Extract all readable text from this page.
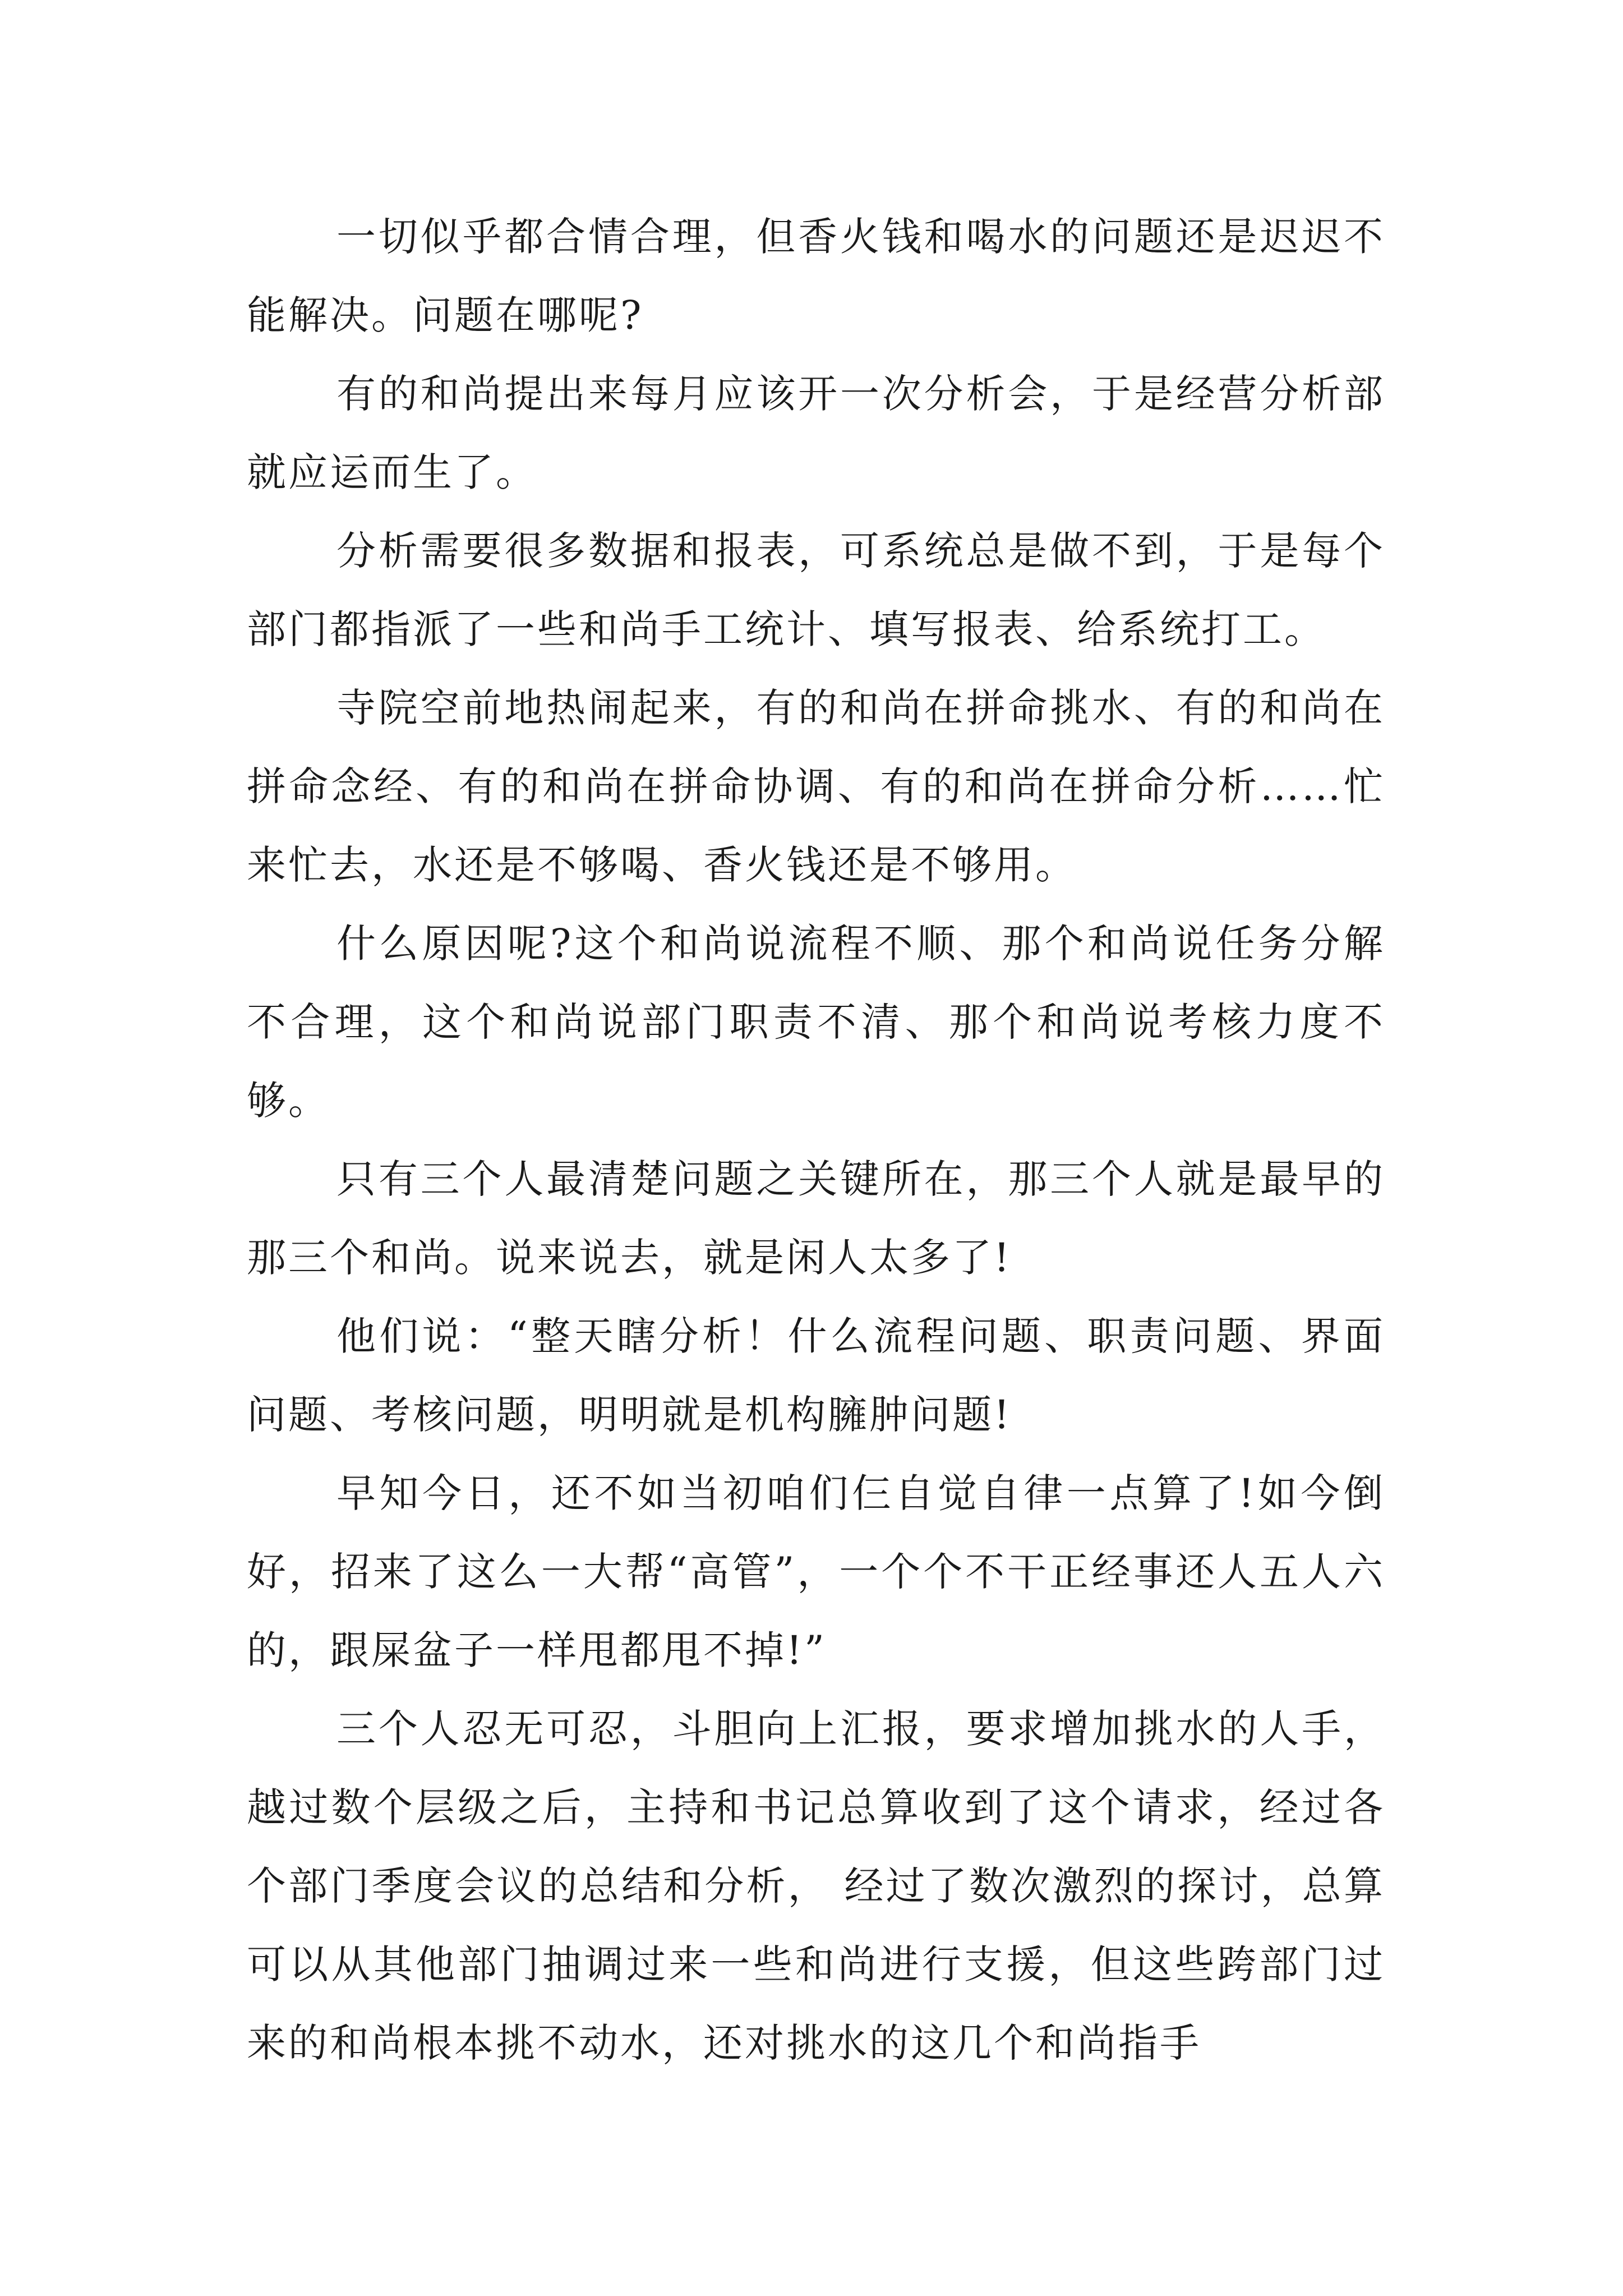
一切似乎都合情合理，但香火钱和喝水的问题还是迟迟不能解决。问题在哪呢?

有的和尚提出来每月应该开一次分析会，于是经营分析部就应运而生了。

分析需要很多数据和报表，可系统总是做不到，于是每个部门都指派了一些和尚手工统计、填写报表、给系统打工。

寺院空前地热闹起来，有的和尚在拼命挑水、有的和尚在拼命念经、有的和尚在拼命协调、有的和尚在拼命分析……忙来忙去，水还是不够喝、香火钱还是不够用。

什么原因呢?这个和尚说流程不顺、那个和尚说任务分解不合理，这个和尚说部门职责不清、那个和尚说考核力度不够。

只有三个人最清楚问题之关键所在，那三个人就是最早的那三个和尚。说来说去，就是闲人太多了!

他们说：“整天瞎分析！什么流程问题、职责问题、界面问题、考核问题，明明就是机构臃肿问题!

早知今日，还不如当初咱们仨自觉自律一点算了!如今倒好，招来了这么一大帮“高管”，一个个不干正经事还人五人六的，跟屎盆子一样甩都甩不掉!”

三个人忍无可忍，斗胆向上汇报，要求增加挑水的人手，越过数个层级之后，主持和书记总算收到了这个请求，经过各个部门季度会议的总结和分析， 经过了数次激烈的探讨，总算可以从其他部门抽调过来一些和尚进行支援，但这些跨部门过来的和尚根本挑不动水，还对挑水的这几个和尚指手
